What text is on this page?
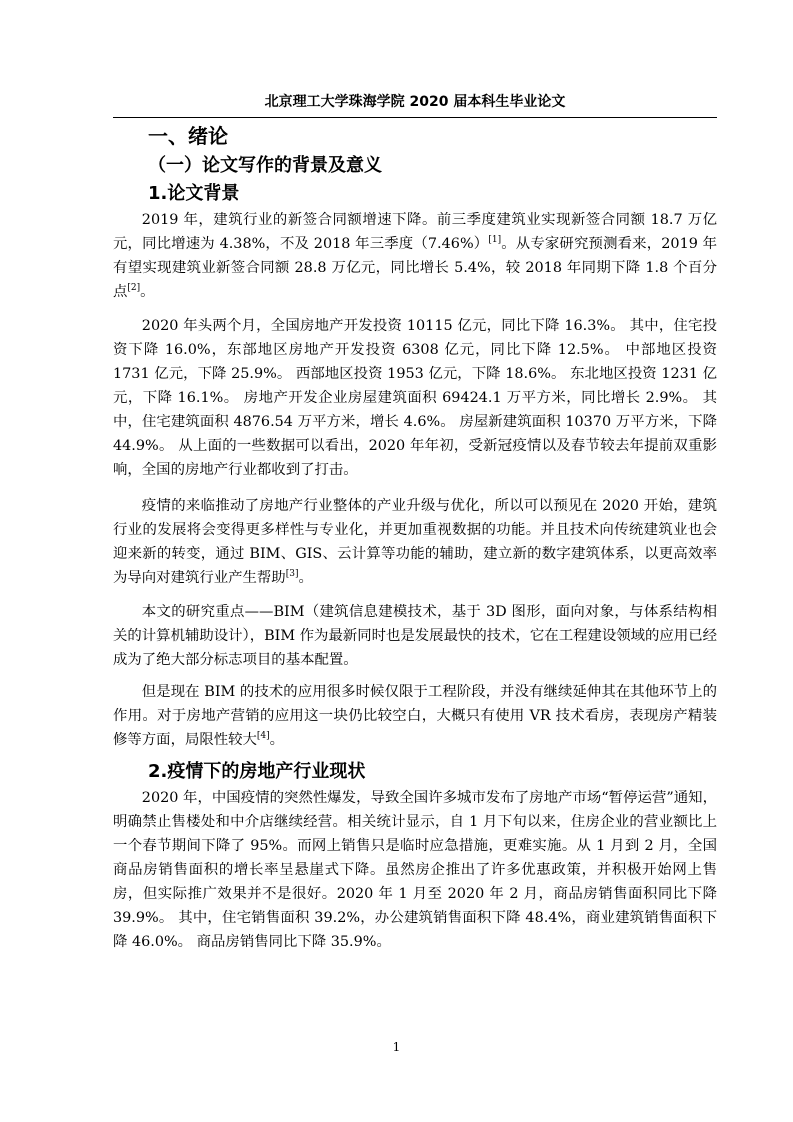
北京理工大学珠海学院 2020 届本科生毕业论文
一、绪论
（一）论文写作的背景及意义
1.论文背景

2019 年，建筑行业的新签合同额增速下降。前三季度建筑业实现新签合同额 18.7 万亿元，同比增速为 4.38%，不及 2018 年三季度（7.46%）[1]。从专家研究预测看来，2019 年有望实现建筑业新签合同额 28.8 万亿元，同比增长 5.4%，较 2018 年同期下降 1.8 个百分点[2]。

2020 年头两个月，全国房地产开发投资 10115 亿元，同比下降 16.3%。 其中，住宅投资下降 16.0%，东部地区房地产开发投资 6308 亿元，同比下降 12.5%。 中部地区投资 1731 亿元，下降 25.9%。 西部地区投资 1953 亿元，下降 18.6%。 东北地区投资 1231 亿元，下降 16.1%。 房地产开发企业房屋建筑面积 69424.1 万平方米，同比增长 2.9%。 其中，住宅建筑面积 4876.54 万平方米，增长 4.6%。 房屋新建筑面积 10370 万平方米，下降 44.9%。 从上面的一些数据可以看出，2020 年年初，受新冠疫情以及春节较去年提前双重影响，全国的房地产行业都收到了打击。

疫情的来临推动了房地产行业整体的产业升级与优化，所以可以预见在 2020 开始，建筑行业的发展将会变得更多样性与专业化，并更加重视数据的功能。并且技术向传统建筑业也会迎来新的转变，通过 BIM、GIS、云计算等功能的辅助，建立新的数字建筑体系，以更高效率为导向对建筑行业产生帮助[3]。

本文的研究重点——BIM（建筑信息建模技术，基于 3D 图形，面向对象，与体系结构相关的计算机辅助设计），BIM 作为最新同时也是发展最快的技术，它在工程建设领域的应用已经成为了绝大部分标志项目的基本配置。

但是现在 BIM 的技术的应用很多时候仅限于工程阶段，并没有继续延伸其在其他环节上的作用。对于房地产营销的应用这一块仍比较空白，大概只有使用 VR 技术看房，表现房产精装修等方面，局限性较大[4]。

2.疫情下的房地产行业现状

2020 年，中国疫情的突然性爆发，导致全国许多城市发布了房地产市场“暂停运营”通知，明确禁止售楼处和中介店继续经营。相关统计显示，自 1 月下旬以来，住房企业的营业额比上一个春节期间下降了 95%。而网上销售只是临时应急措施，更难实施。从 1 月到 2 月，全国商品房销售面积的增长率呈悬崖式下降。虽然房企推出了许多优惠政策，并积极开始网上售房，但实际推广效果并不是很好。2020 年 1 月至 2020 年 2 月，商品房销售面积同比下降 39.9%。 其中，住宅销售面积 39.2%，办公建筑销售面积下降 48.4%，商业建筑销售面积下降 46.0%。 商品房销售同比下降 35.9%。

1
